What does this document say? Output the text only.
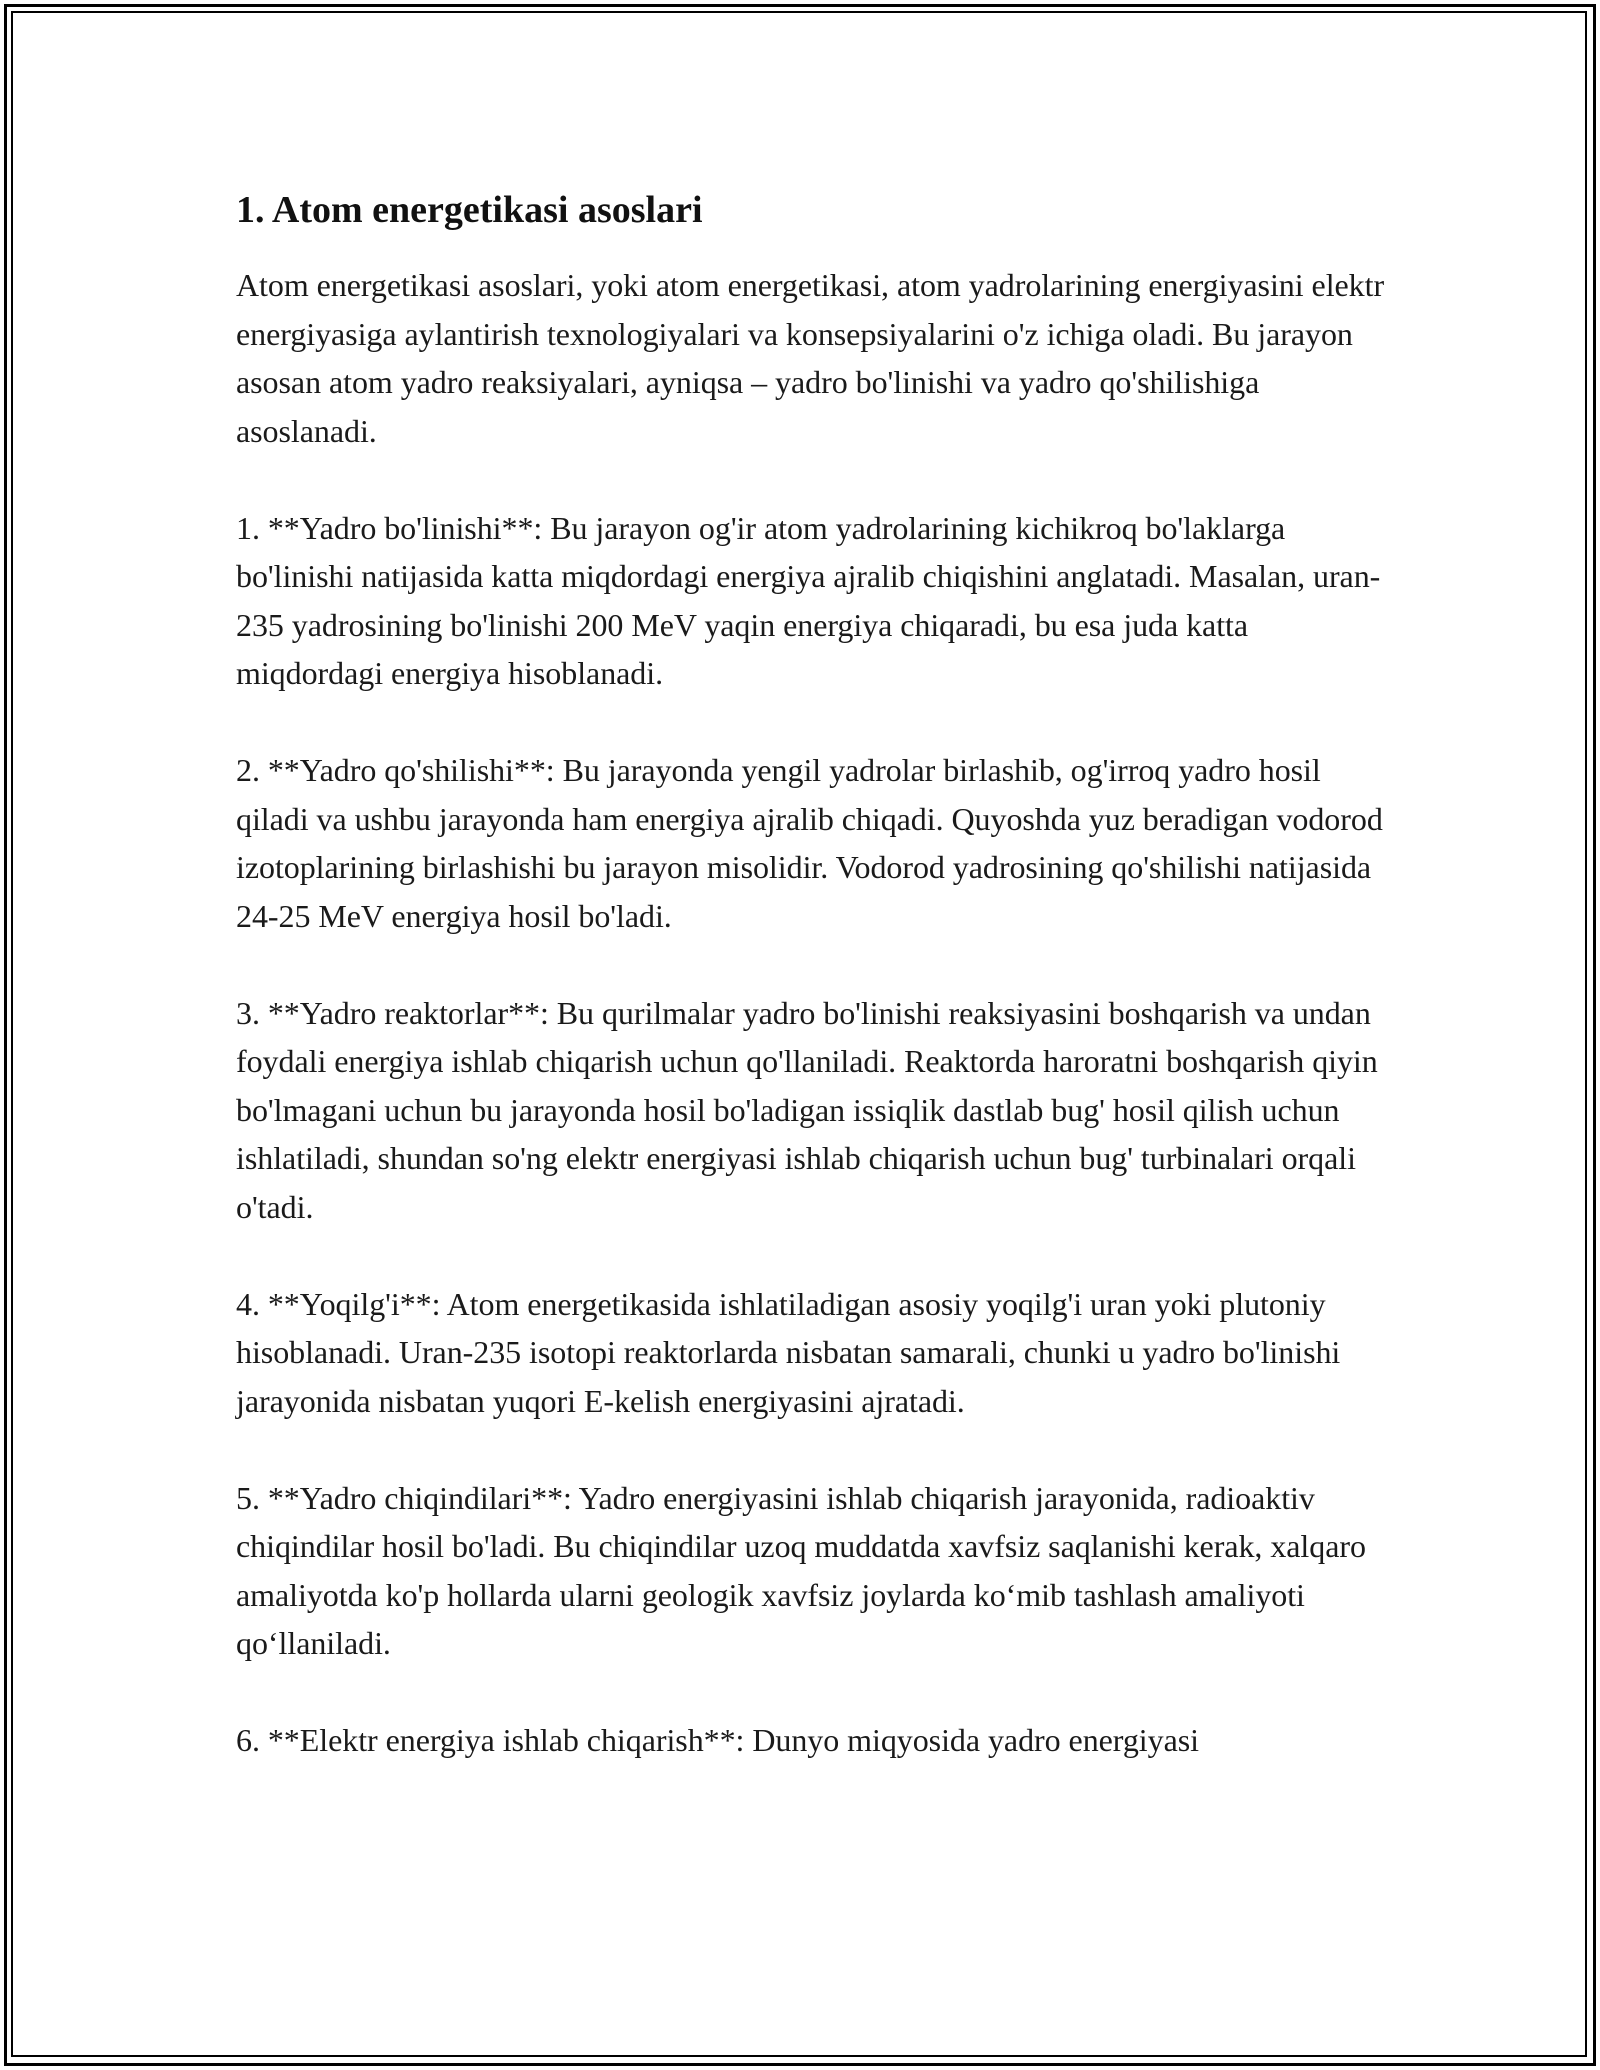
1. Atom energetikasi asoslari

Atom energetikasi asoslari, yoki atom energetikasi, atom yadrolarining energiyasini elektr energiyasiga aylantirish texnologiyalari va konsepsiyalarini o'z ichiga oladi. Bu jarayon asosan atom yadro reaksiyalari, ayniqsa – yadro bo'linishi va yadro qo'shilishiga asoslanadi.

1. **Yadro bo'linishi**: Bu jarayon og'ir atom yadrolarining kichikroq bo'laklarga bo'linishi natijasida katta miqdordagi energiya ajralib chiqishini anglatadi. Masalan, uran-235 yadrosining bo'linishi 200 MeV yaqin energiya chiqaradi, bu esa juda katta miqdordagi energiya hisoblanadi.

2. **Yadro qo'shilishi**: Bu jarayonda yengil yadrolar birlashib, og'irroq yadro hosil qiladi va ushbu jarayonda ham energiya ajralib chiqadi. Quyoshda yuz beradigan vodorod izotoplarining birlashishi bu jarayon misolidir. Vodorod yadrosining qo'shilishi natijasida 24-25 MeV energiya hosil bo'ladi.

3. **Yadro reaktorlar**: Bu qurilmalar yadro bo'linishi reaksiyasini boshqarish va undan foydali energiya ishlab chiqarish uchun qo'llaniladi. Reaktorda haroratni boshqarish qiyin bo'lmagani uchun bu jarayonda hosil bo'ladigan issiqlik dastlab bug' hosil qilish uchun ishlatiladi, shundan so'ng elektr energiyasi ishlab chiqarish uchun bug' turbinalari orqali o'tadi.

4. **Yoqilg'i**: Atom energetikasida ishlatiladigan asosiy yoqilg'i uran yoki plutoniy hisoblanadi. Uran-235 isotopi reaktorlarda nisbatan samarali, chunki u yadro bo'linishi jarayonida nisbatan yuqori E-kelish energiyasini ajratadi.

5. **Yadro chiqindilari**: Yadro energiyasini ishlab chiqarish jarayonida, radioaktiv chiqindilar hosil bo'ladi. Bu chiqindilar uzoq muddatda xavfsiz saqlanishi kerak, xalqaro amaliyotda ko'p hollarda ularni geologik xavfsiz joylarda ko‘mib tashlash amaliyoti qo‘llaniladi.

6. **Elektr energiya ishlab chiqarish**: Dunyo miqyosida yadro energiyasi
